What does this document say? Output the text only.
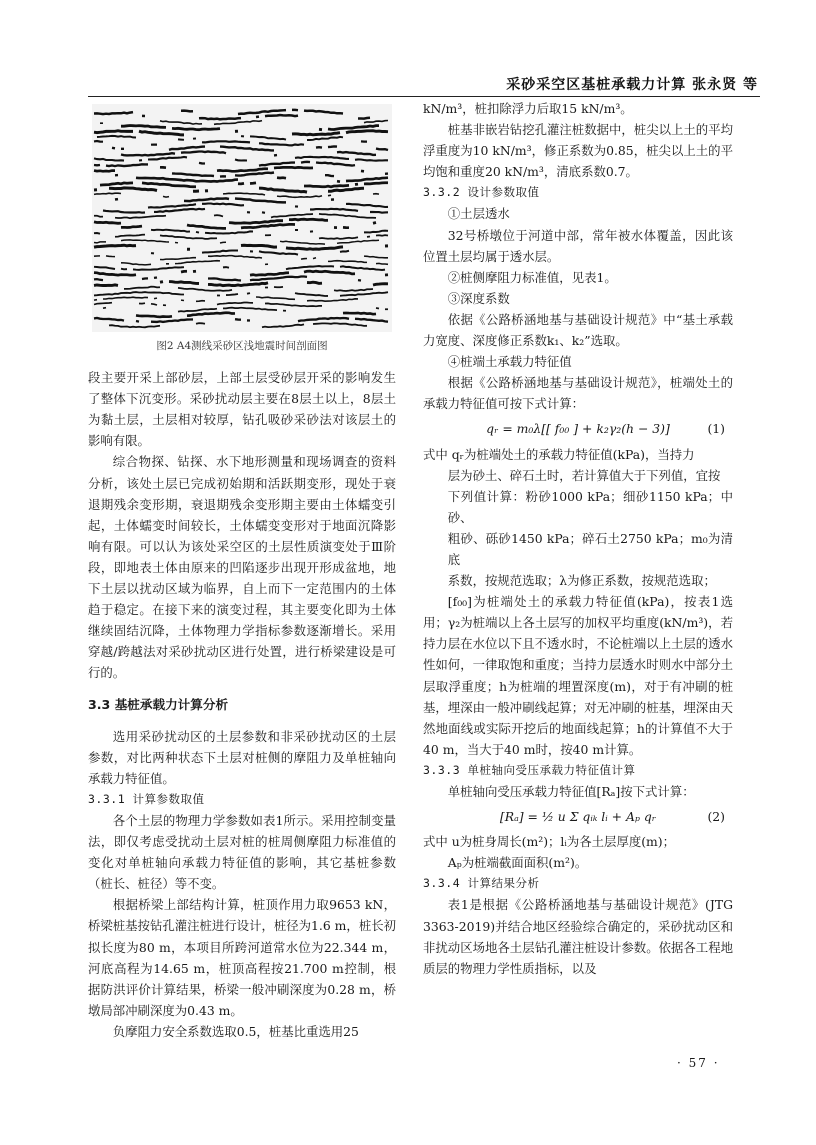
采砂采空区基桩承载力计算 张永贤 等
图2 A4测线采砂区浅地震时间剖面图

段主要开采上部砂层，上部土层受砂层开采的影响发生了整体下沉变形。采砂扰动层主要在8层土以上，8层土为黏土层，土层相对较厚，钻孔吸砂采砂法对该层土的影响有限。

综合物探、钻探、水下地形测量和现场调查的资料分析，该处土层已完成初始期和活跃期变形，现处于衰退期残余变形期，衰退期残余变形期主要由土体蠕变引起，土体蠕变时间较长，土体蠕变变形对于地面沉降影响有限。可以认为该处采空区的土层性质演变处于Ⅲ阶段，即地表土体由原来的凹陷逐步出现开形成盆地，地下土层以扰动区域为临界，自上而下一定范围内的土体趋于稳定。在接下来的演变过程，其主要变化即为土体继续固结沉降，土体物理力学指标参数逐渐增长。采用穿越/跨越法对采砂扰动区进行处置，进行桥梁建设是可行的。

3.3 基桩承载力计算分析

选用采砂扰动区的土层参数和非采砂扰动区的土层参数，对比两种状态下土层对桩侧的摩阻力及单桩轴向承载力特征值。

3.3.1 计算参数取值

各个土层的物理力学参数如表1所示。采用控制变量法，即仅考虑受扰动土层对桩的桩周侧摩阻力标准值的变化对单桩轴向承载力特征值的影响，其它基桩参数（桩长、桩径）等不变。

根据桥梁上部结构计算，桩顶作用力取9653 kN，桥梁桩基按钻孔灌注桩进行设计，桩径为1.6 m，桩长初拟长度为80 m，本项目所跨河道常水位为22.344 m，河底高程为14.65 m，桩顶高程按21.700 m控制，根据防洪评价计算结果，桥梁一般冲刷深度为0.28 m，桥墩局部冲刷深度为0.43 m。

负摩阻力安全系数选取0.5，桩基比重选用25

kN/m³，桩扣除浮力后取15 kN/m³。

桩基非嵌岩钻挖孔灌注桩数据中，桩尖以上土的平均浮重度为10 kN/m³，修正系数为0.85，桩尖以上土的平均饱和重度20 kN/m³，清底系数0.7。

3.3.2 设计参数取值

①土层透水

32号桥墩位于河道中部，常年被水体覆盖，因此该位置土层均属于透水层。

②桩侧摩阻力标准值，见表1。

③深度系数

依据《公路桥涵地基与基础设计规范》中“基土承载力宽度、深度修正系数k₁、k₂”选取。

④桩端土承载力特征值

根据《公路桥涵地基与基础设计规范》，桩端处土的承载力特征值可按下式计算：

qᵣ = m₀λ[[ f₀₀ ] + k₂γ₂(h − 3)]	(1)

式中 qᵣ为桩端处土的承载力特征值(kPa)，当持力

层为砂土、碎石土时，若计算值大于下列值，宜按

下列值计算：粉砂1000 kPa；细砂1150 kPa；中砂、

粗砂、砾砂1450 kPa；碎石土2750 kPa；m₀为清底

系数，按规范选取；λ为修正系数，按规范选取；

[f₀₀]为桩端处土的承载力特征值(kPa)，按表1选用；γ₂为桩端以上各土层写的加权平均重度(kN/m³)，若持力层在水位以下且不透水时，不论桩端以上土层的透水性如何，一律取饱和重度；当持力层透水时则水中部分土层取浮重度；h为桩端的埋置深度(m)，对于有冲刷的桩基，埋深由一般冲刷线起算；对无冲刷的桩基，埋深由天然地面线或实际开挖后的地面线起算；h的计算值不大于40 m，当大于40 m时，按40 m计算。

3.3.3 单桩轴向受压承载力特征值计算

单桩轴向受压承载力特征值[Rₐ]按下式计算：

[Rₐ] = ½ u Σ qᵢₖ lᵢ + Aₚ qᵣ	(2)

式中 u为桩身周长(m²)；lᵢ为各土层厚度(m)；

Aₚ为桩端截面面积(m²)。

3.3.4 计算结果分析

表1是根据《公路桥涵地基与基础设计规范》(JTG 3363-2019)并结合地区经验综合确定的，采砂扰动区和非扰动区场地各土层钻孔灌注桩设计参数。依据各工程地质层的物理力学性质指标，以及

· 57 ·
